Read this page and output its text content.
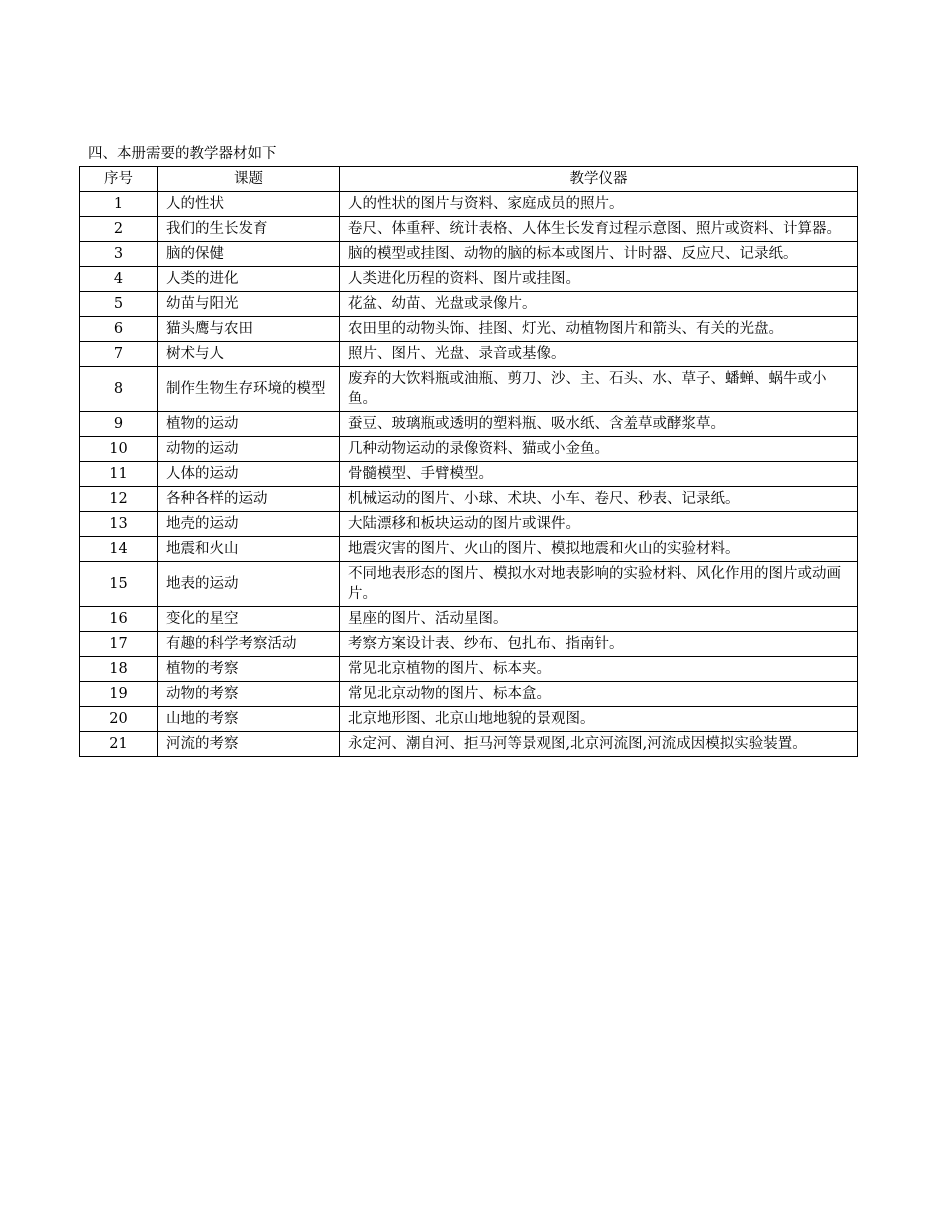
四、本册需要的教学器材如下
序号	课题	教学仪器
1	人的性状	人的性状的图片与资料、家庭成员的照片。
2	我们的生长发育	卷尺、体重秤、统计表格、人体生长发育过程示意图、照片或资料、计算器。
3	脑的保健	脑的模型或挂图、动物的脑的标本或图片、计时器、反应尺、记录纸。
4	人类的进化	人类进化历程的资料、图片或挂图。
5	幼苗与阳光	花盆、幼苗、光盘或录像片。
6	猫头鹰与农田	农田里的动物头饰、挂图、灯光、动植物图片和箭头、有关的光盘。
7	树术与人	照片、图片、光盘、录音或基像。
8	制作生物生存环境的模型	废弃的大饮料瓶或油瓶、剪刀、沙、主、石头、水、草子、蟠蝉、蜗牛或小鱼。
9	植物的运动	蚕豆、玻璃瓶或透明的塑料瓶、吸水纸、含羞草或酵浆草。
10	动物的运动	几种动物运动的录像资料、猫或小金鱼。
11	人体的运动	骨髓模型、手臂模型。
12	各种各样的运动	机械运动的图片、小球、术块、小车、卷尺、秒表、记录纸。
13	地壳的运动	大陆漂移和板块运动的图片或课件。
14	地震和火山	地震灾害的图片、火山的图片、模拟地震和火山的实验材料。
15	地表的运动	不同地表形态的图片、模拟水对地表影响的实验材料、风化作用的图片或动画片。
16	变化的星空	星座的图片、活动星图。
17	有趣的科学考察活动	考察方案设计表、纱布、包扎布、指南针。
18	植物的考察	常见北京植物的图片、标本夹。
19	动物的考察	常见北京动物的图片、标本盒。
20	山地的考察	北京地形图、北京山地地貌的景观图。
21	河流的考察	永定河、潮自河、拒马河等景观图,北京河流图,河流成因模拟实验装置。
